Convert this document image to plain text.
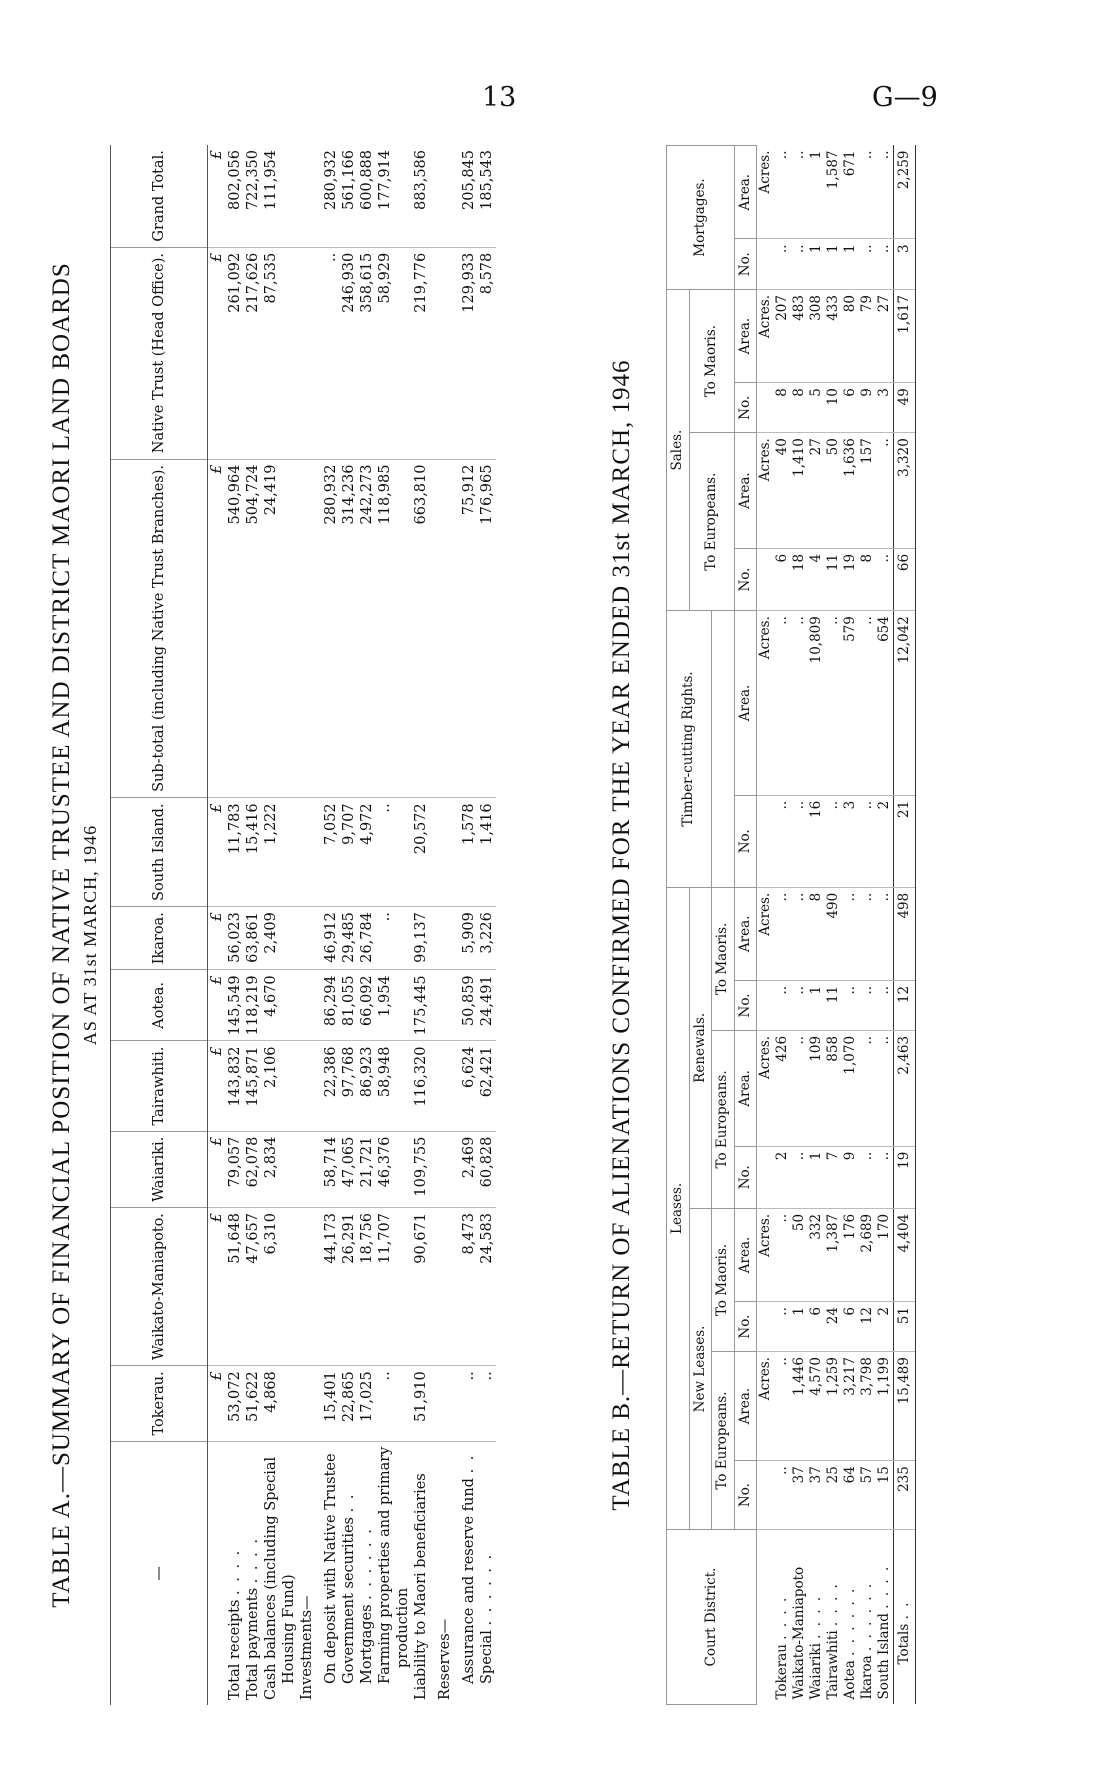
13	G—9
TABLE A.—SUMMARY OF FINANCIAL POSITION OF NATIVE TRUSTEE AND DISTRICT MAORI LAND BOARDS AS AT 31st MARCH, 1946
—	Tokerau.	Waikato-Maniapoto.	Waiariki.	Tairawhiti.	Aotea.	Ikaroa.	South Island.	Sub-total (including Native Trust Branches).	Native Trust (Head Office).	Grand Total.
	£	£	£	£	£	£	£	£	£	£
Total receipts . . . .	53,072	51,648	79,057	143,832	145,549	56,023	11,783	540,964	261,092	802,056
Total payments . . . .	51,622	47,657	62,078	145,871	118,219	63,861	15,416	504,724	217,626	722,350
Cash balances (including Special	4,868	6,310	2,834	2,106	4,670	2,409	1,222	24,419	87,535	111,954
Housing Fund)										
Investments—										
On deposit with Native Trustee	15,401	44,173	58,714	22,386	86,294	46,912	7,052	280,932	..	280,932
Government securities . .	22,865	26,291	47,065	97,768	81,055	29,485	9,707	314,236	246,930	561,166
Mortgages . . . . . .	17,025	18,756	21,721	86,923	66,092	26,784	4,972	242,273	358,615	600,888
Farming properties and primary	..	11,707	46,376	58,948	1,954	..	..	118,985	58,929	177,914
production										
Liability to Maori beneficiaries	51,910	90,671	109,755	116,320	175,445	99,137	20,572	663,810	219,776	883,586
Reserves—										
Assurance and reserve fund . .	..	8,473	2,469	6,624	50,859	5,909	1,578	75,912	129,933	205,845
Special . . . . . .	..	24,583	60,828	62,421	24,491	3,226	1,416	176,965	8,578	185,543
TABLE B.—RETURN OF ALIENATIONS CONFIRMED FOR THE YEAR ENDED 31st MARCH, 1946
Court District.	Leases.								Timber-cutting Rights.		Sales.				Mortgages.	
	New Leases.				Renewals.						To Europeans.		To Maoris.			
	To Europeans.		To Maoris.		To Europeans.		To Maoris.									
	No.	Area.	No.	Area.	No.	Area.	No.	Area.	No.	Area.	No.	Area.	No.	Area.	No.	Area.
		Acres.		Acres.		Acres.		Acres.		Acres.		Acres.		Acres.		Acres.
Tokerau . . . .	..	..	..	..	2	426	..	..	..	..	6	40	8	207	..	..
Waikato-Maniapoto	37	1,446	1	50	..	..	..	..	..	..	18	1,410	8	483	..	..
Waiariki . . . .	37	4,570	6	332	1	109	1	8	16	10,809	4	27	5	308	1	1
Tairawhiti . . . .	25	1,259	24	1,387	7	858	11	490	..	..	11	50	10	433	1	1,587
Aotea . . . . . .	64	3,217	6	176	9	1,070	..	..	3	579	19	1,636	6	80	1	671
Ikaroa . . . . . .	57	3,798	12	2,689	..	..	..	..	..	..	8	157	9	79	..	..
South Island . . . .	15	1,199	2	170	..	..	..	..	2	654	..	..	3	27	..	..
Totals . .	235	15,489	51	4,404	19	2,463	12	498	21	12,042	66	3,320	49	1,617	3	2,259
